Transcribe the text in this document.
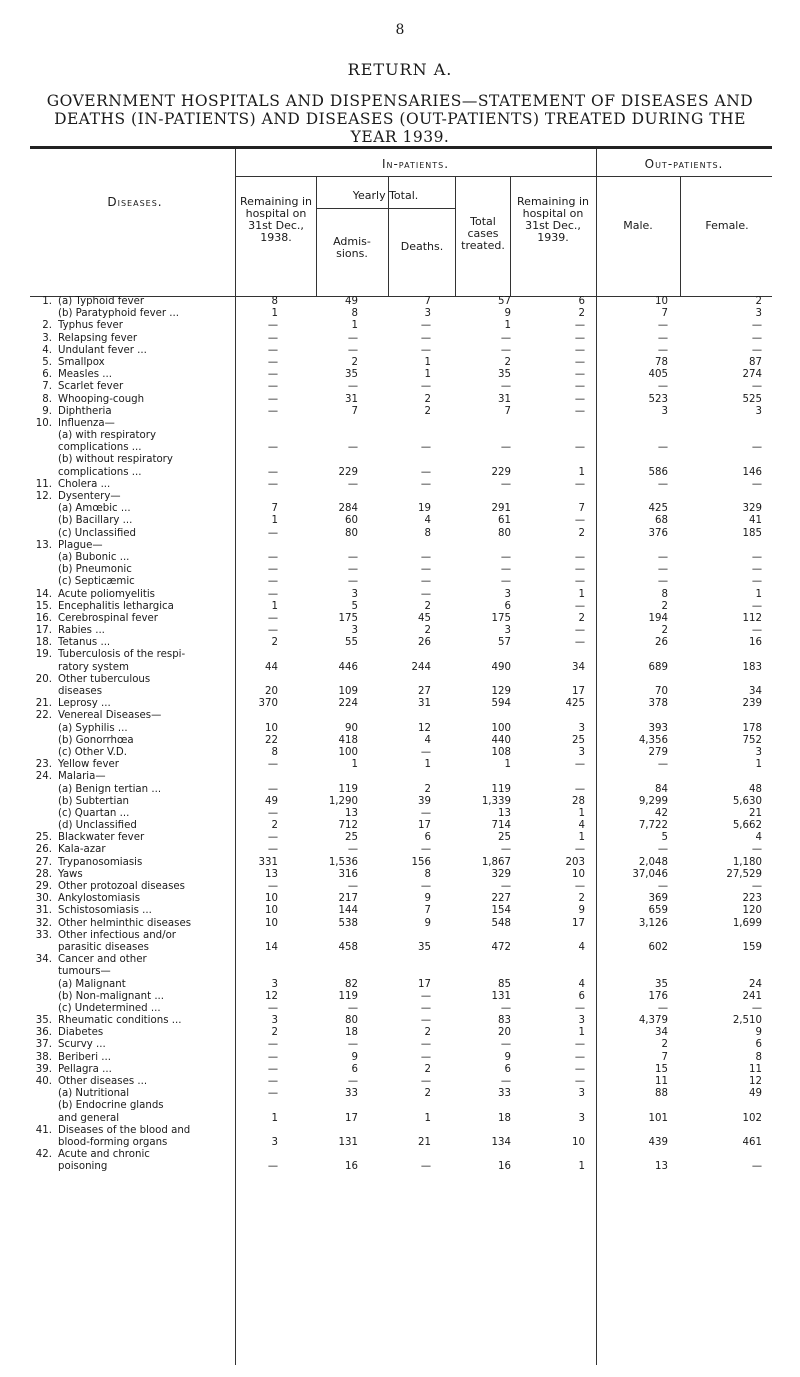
8
RETURN A.
GOVERNMENT HOSPITALS AND DISPENSARIES—STATEMENT OF DISEASES AND DEATHS (IN-PATIENTS) AND DISEASES (OUT-PATIENTS) TREATED DURING THE YEAR 1939.
Diseases.
In-patients.	Out-patients.
Remaining in hospital on 31st Dec., 1938.
Yearly Total.
Admis- sions.
Deaths.
Total cases treated.
Remaining in hospital on 31st Dec., 1939.
Male.	Female.
1. (a) Typhoid fever	8	49	7	57	6	10	2
(b) Paratyphoid fever ...	1	8	3	9	2	7	3
2. Typhus fever	—	1	—	1	—	—	—
3. Relapsing fever	—	—	—	—	—	—	—
4. Undulant fever ...	—	—	—	—	—	—	—
5. Smallpox	—	2	1	2	—	78	87
6. Measles ...	—	35	1	35	—	405	274
7. Scarlet fever	—	—	—	—	—	—	—
8. Whooping-cough	—	31	2	31	—	523	525
9. Diphtheria	—	7	2	7	—	3	3
10. Influenza—
(a) with respiratory
complications ...	—	—	—	—	—	—	—
(b) without respiratory
complications ...	—	229	—	229	1	586	146
11. Cholera ...	—	—	—	—	—	—	—
12. Dysentery—
(a) Amœbic ...	7	284	19	291	7	425	329
(b) Bacillary ...	1	60	4	61	—	68	41
(c) Unclassified	—	80	8	80	2	376	185
13. Plague—
(a) Bubonic ...	—	—	—	—	—	—	—
(b) Pneumonic	—	—	—	—	—	—	—
(c) Septicæmic	—	—	—	—	—	—	—
14. Acute poliomyelitis	—	3	—	3	1	8	1
15. Encephalitis lethargica	1	5	2	6	—	2	—
16. Cerebrospinal fever	—	175	45	175	2	194	112
17. Rabies ...	—	3	2	3	—	2	—
18. Tetanus ...	2	55	26	57	—	26	16
19. Tuberculosis of the respi-
ratory system	44	446	244	490	34	689	183
20. Other tuberculous
diseases	20	109	27	129	17	70	34
21. Leprosy ...	370	224	31	594	425	378	239
22. Venereal Diseases—
(a) Syphilis ...	10	90	12	100	3	393	178
(b) Gonorrhœa	22	418	4	440	25	4,356	752
(c) Other V.D.	8	100	—	108	3	279	3
23. Yellow fever	—	1	1	1	—	—	1
24. Malaria—
(a) Benign tertian ...	—	119	2	119	—	84	48
(b) Subtertian	49	1,290	39	1,339	28	9,299	5,630
(c) Quartan ...	—	13	—	13	1	42	21
(d) Unclassified	2	712	17	714	4	7,722	5,662
25. Blackwater fever	—	25	6	25	1	5	4
26. Kala-azar	—	—	—	—	—	—	—
27. Trypanosomiasis	331	1,536	156	1,867	203	2,048	1,180
28. Yaws	13	316	8	329	10	37,046	27,529
29. Other protozoal diseases	—	—	—	—	—	—	—
30. Ankylostomiasis	10	217	9	227	2	369	223
31. Schistosomiasis ...	10	144	7	154	9	659	120
32. Other helminthic diseases	10	538	9	548	17	3,126	1,699
33. Other infectious and/or
parasitic diseases	14	458	35	472	4	602	159
34. Cancer and other
tumours—
(a) Malignant	3	82	17	85	4	35	24
(b) Non-malignant ...	12	119	—	131	6	176	241
(c) Undetermined ...	—	—	—	—	—	—	—
35. Rheumatic conditions ...	3	80	—	83	3	4,379	2,510
36. Diabetes	2	18	2	20	1	34	9
37. Scurvy ...	—	—	—	—	—	2	6
38. Beriberi ...	—	9	—	9	—	7	8
39. Pellagra ...	—	6	2	6	—	15	11
40. Other diseases ...	—	—	—	—	—	11	12
(a) Nutritional	—	33	2	33	3	88	49
(b) Endocrine glands
and general	1	17	1	18	3	101	102
41. Diseases of the blood and
blood-forming organs	3	131	21	134	10	439	461
42. Acute and chronic
poisoning	—	16	—	16	1	13	—
